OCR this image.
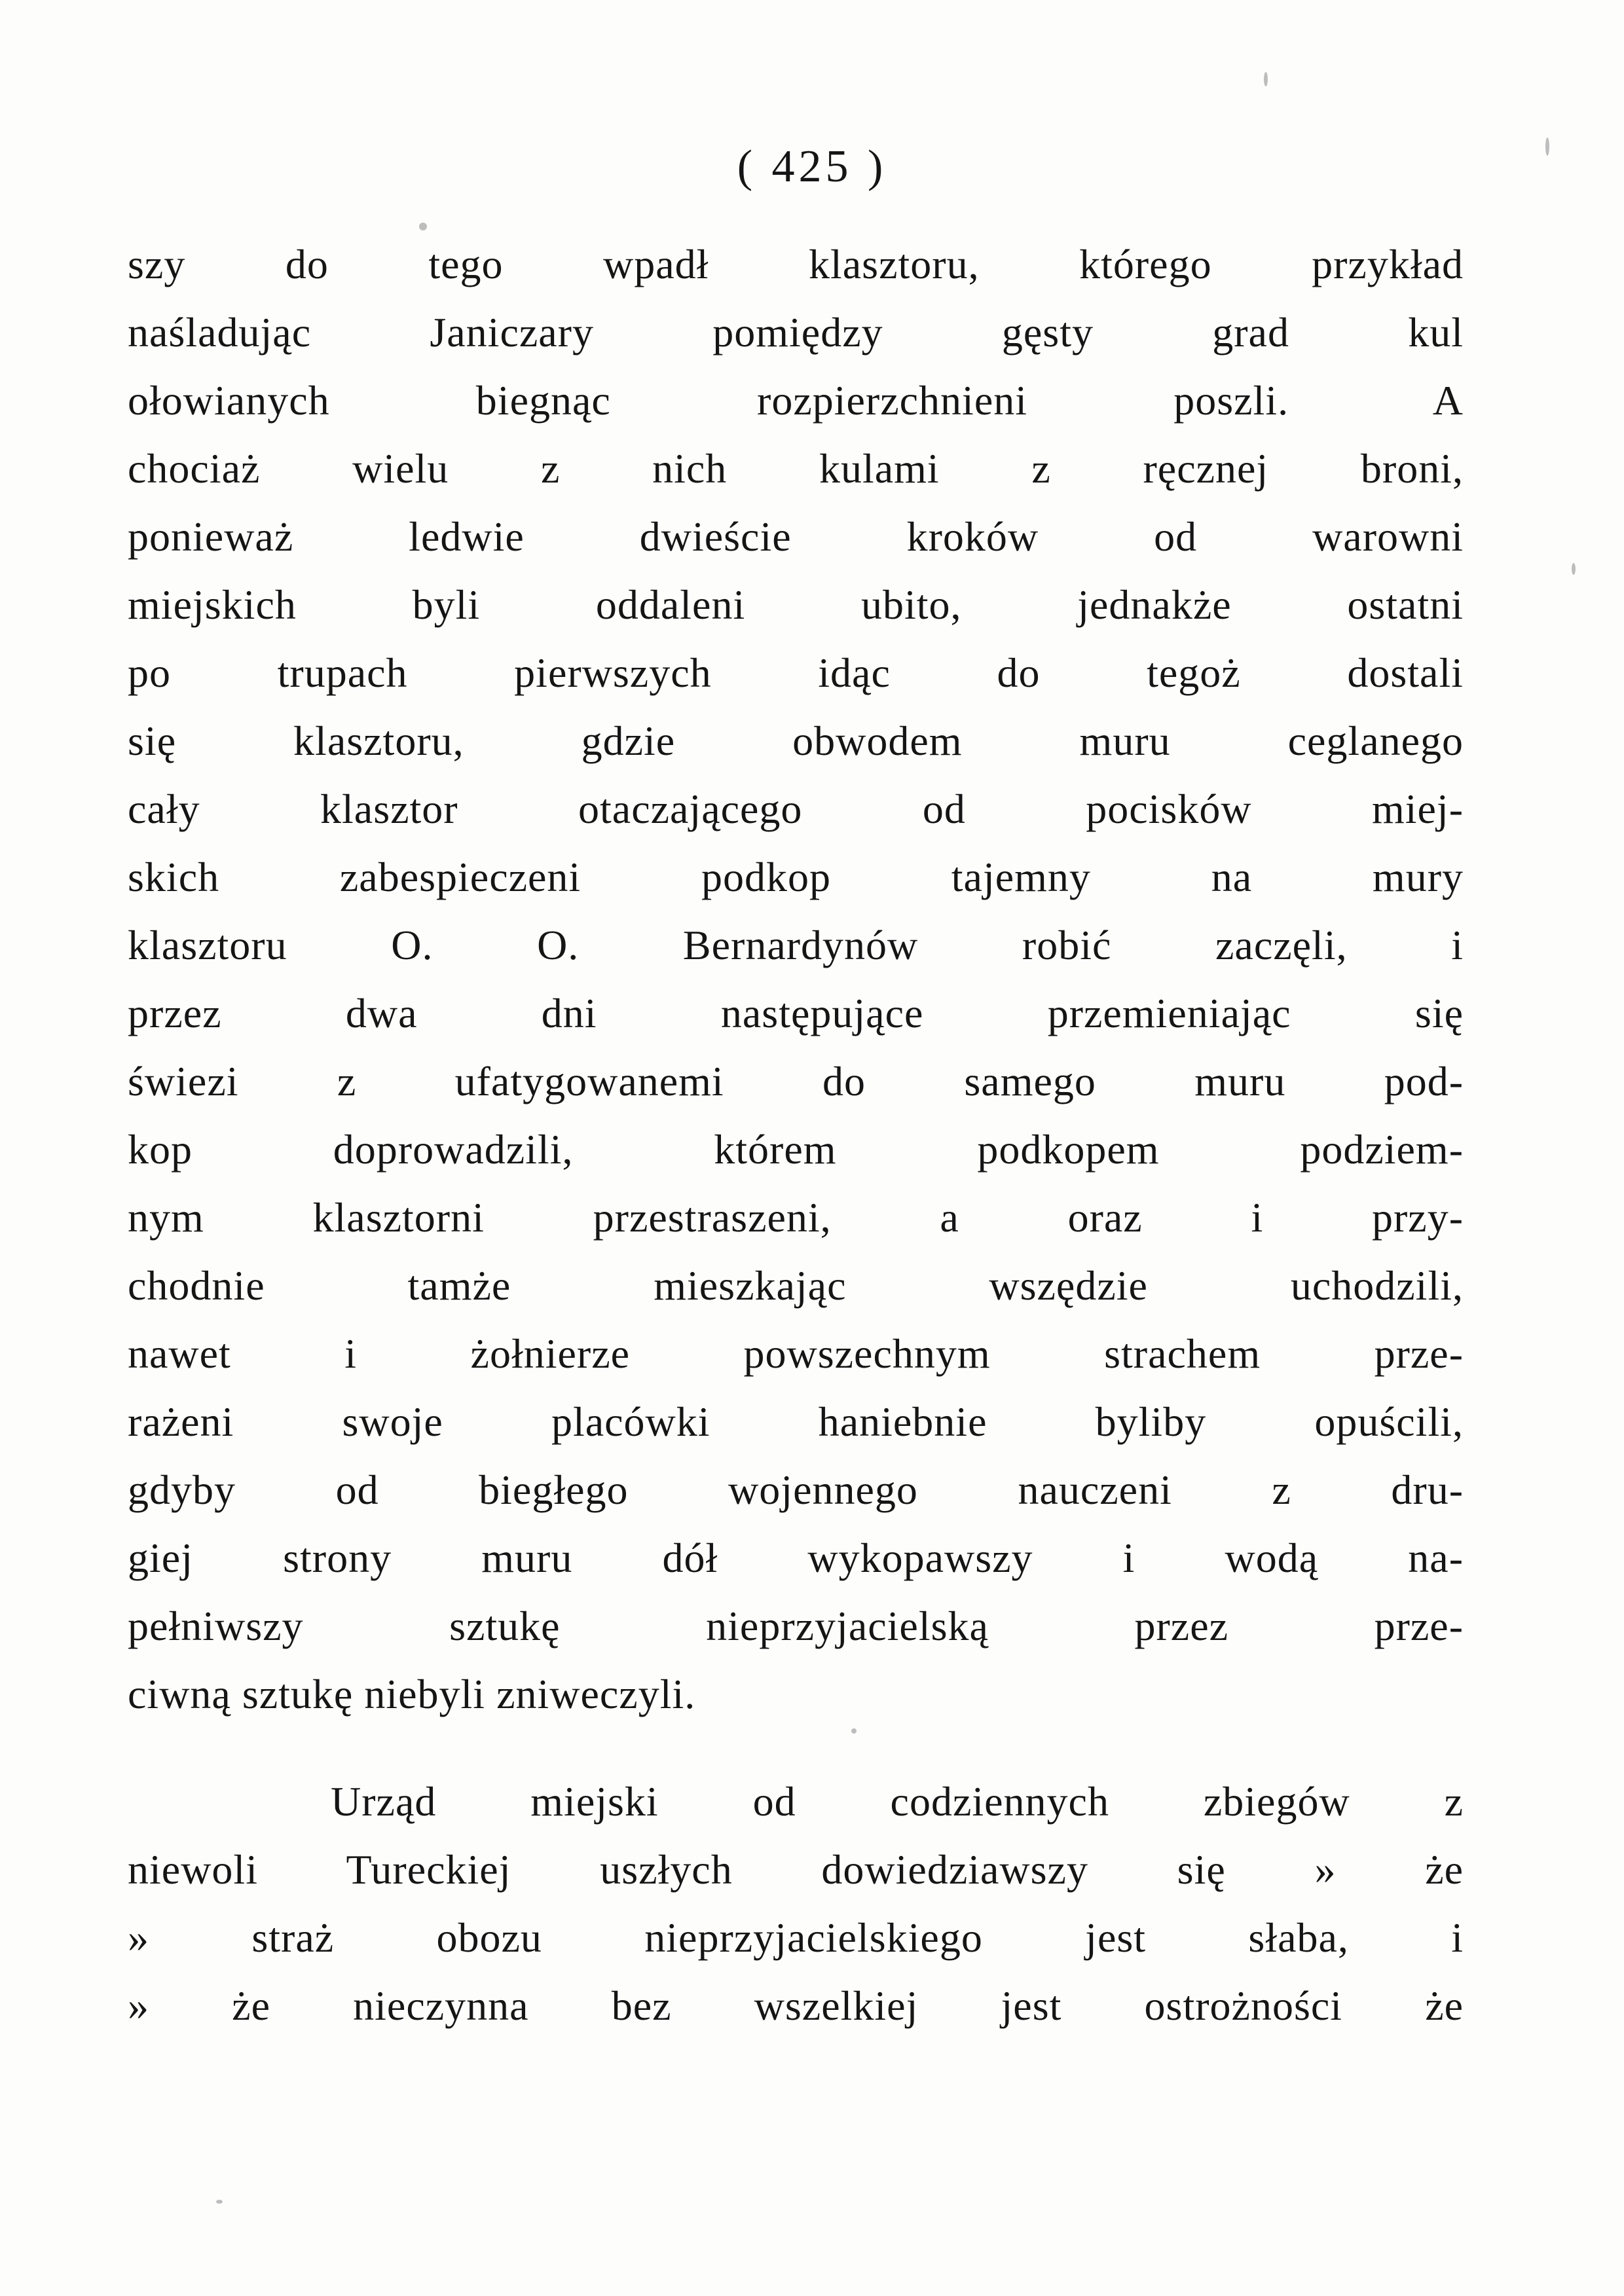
( 425 )
szy do tego wpadł klasztoru, którego przykład
naśladując Janiczary pomiędzy gęsty grad kul
ołowianych biegnąc rozpierzchnieni poszli. A
chociaż wielu z nich kulami z ręcznej broni,
ponieważ ledwie dwieście kroków od warowni
miejskich byli oddaleni ubito, jednakże ostatni
po trupach pierwszych idąc do tegoż dostali
się klasztoru, gdzie obwodem muru ceglanego
cały klasztor otaczającego od pocisków miej-
skich zabespieczeni podkop tajemny na mury
klasztoru O. O. Bernardynów robić zaczęli, i
przez dwa dni następujące przemieniając się
świezi z ufatygowanemi do samego muru pod-
kop doprowadzili, którem podkopem podziem-
nym klasztorni przestraszeni, a oraz i przy-
chodnie tamże mieszkając wszędzie uchodzili,
nawet i żołnierze powszechnym strachem prze-
rażeni swoje placówki haniebnie byliby opuścili,
gdyby od biegłego wojennego nauczeni z dru-
giej strony muru dół wykopawszy i wodą na-
pełniwszy sztukę nieprzyjacielską przez prze-
ciwną sztukę niebyli zniweczyli.
Urząd miejski od codziennych zbiegów z
niewoli Tureckiej uszłych dowiedziawszy się » że
» straż obozu nieprzyjacielskiego jest słaba, i
» że nieczynna bez wszelkiej jest ostrożności że
